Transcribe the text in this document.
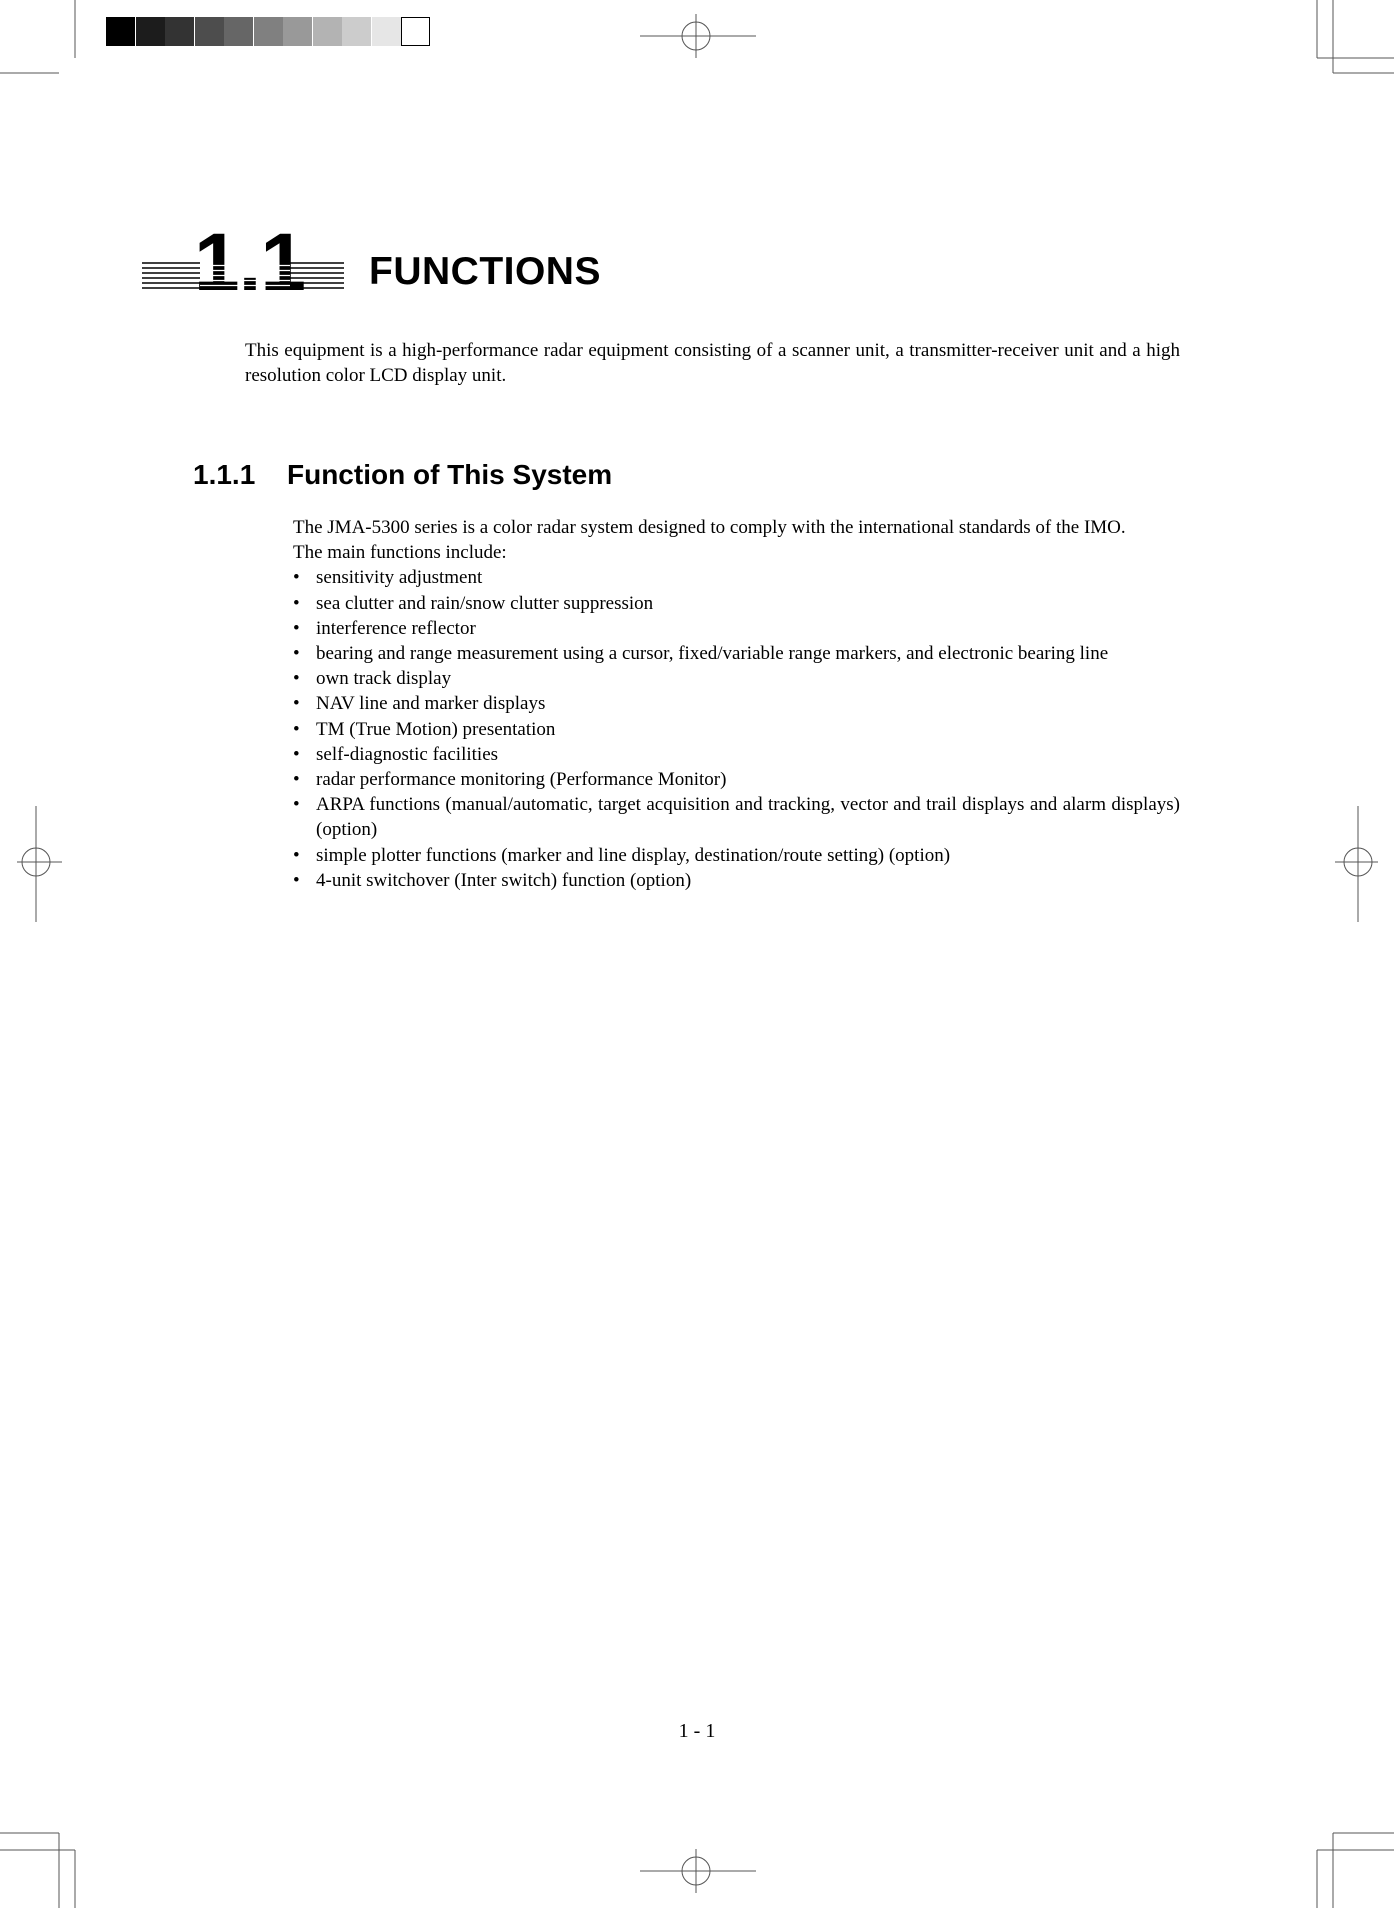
1.1 FUNCTIONS

This equipment is a high-performance radar equipment consisting of a scanner unit, a transmitter-receiver unit and a high resolution color LCD display unit.

1.1.1 Function of This System

The JMA-5300 series is a color radar system designed to comply with the international standards of the IMO.

The main functions include:

• sensitivity adjustment
• sea clutter and rain/snow clutter suppression
• interference reflector
• bearing and range measurement using a cursor, fixed/variable range markers, and electronic bearing line
• own track display
• NAV line and marker displays
• TM (True Motion) presentation
• self-diagnostic facilities
• radar performance monitoring (Performance Monitor)
• ARPA functions (manual/automatic, target acquisition and tracking, vector and trail displays and alarm displays) (option)
• simple plotter functions (marker and line display, destination/route setting) (option)
• 4-unit switchover (Inter switch) function (option)
1 - 1
